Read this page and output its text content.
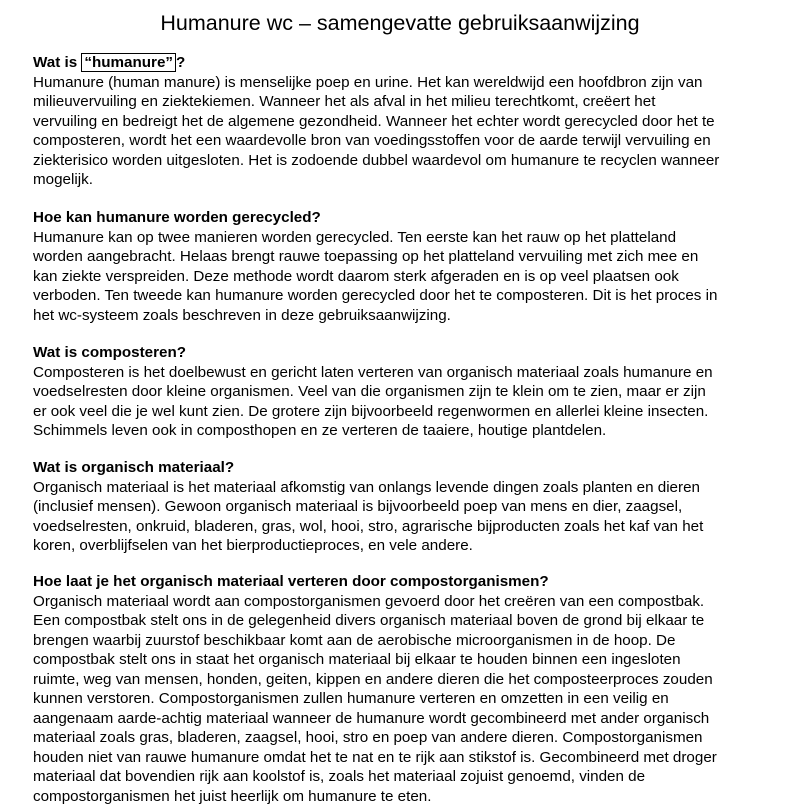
Humanure wc – samengevatte gebruiksaanwijzing
Wat is “humanure” ?
Humanure (human manure) is menselijke poep en urine. Het kan wereldwijd een hoofdbron zijn van
milieuvervuiling en ziektekiemen. Wanneer het als afval in het milieu terechtkomt, creëert het
vervuiling en bedreigt het de algemene gezondheid. Wanneer het echter wordt gerecycled door het te
composteren, wordt het een waardevolle bron van voedingsstoffen voor de aarde terwijl vervuiling en
ziekterisico worden uitgesloten. Het is zodoende dubbel waardevol om humanure te recyclen wanneer
mogelijk.
Hoe kan humanure worden gerecycled?
Humanure kan op twee manieren worden gerecycled. Ten eerste kan het rauw op het platteland
worden aangebracht. Helaas brengt rauwe toepassing op het platteland vervuiling met zich mee en
kan ziekte verspreiden. Deze methode wordt daarom sterk afgeraden en is op veel plaatsen ook
verboden. Ten tweede kan humanure worden gerecycled door het te composteren. Dit is het proces in
het wc-systeem zoals beschreven in deze gebruiksaanwijzing.
Wat is composteren?
Composteren is het doelbewust en gericht laten verteren van organisch materiaal zoals humanure en
voedselresten door kleine organismen. Veel van die organismen zijn te klein om te zien, maar er zijn
er ook veel die je wel kunt zien. De grotere zijn bijvoorbeeld regenwormen en allerlei kleine insecten.
Schimmels leven ook in composthopen en ze verteren de taaiere, houtige plantdelen.
Wat is organisch materiaal?
Organisch materiaal is het materiaal afkomstig van onlangs levende dingen zoals planten en dieren
(inclusief mensen). Gewoon organisch materiaal is bijvoorbeeld poep van mens en dier, zaagsel,
voedselresten, onkruid, bladeren, gras, wol, hooi, stro, agrarische bijproducten zoals het kaf van het
koren, overblijfselen van het bierproductieproces, en vele andere.
Hoe laat je het organisch materiaal verteren door compostorganismen?
Organisch materiaal wordt aan compostorganismen gevoerd door het creëren van een compostbak.
Een compostbak stelt ons in de gelegenheid divers organisch materiaal boven de grond bij elkaar te
brengen waarbij zuurstof beschikbaar komt aan de aerobische microorganismen in de hoop. De
compostbak stelt ons in staat het organisch materiaal bij elkaar te houden binnen een ingesloten
ruimte, weg van mensen, honden, geiten, kippen en andere dieren die het composteerproces zouden
kunnen verstoren. Compostorganismen zullen humanure verteren en omzetten in een veilig en
aangenaam aarde-achtig materiaal wanneer de humanure wordt gecombineerd met ander organisch
materiaal zoals gras, bladeren, zaagsel, hooi, stro en poep van andere dieren. Compostorganismen
houden niet van rauwe humanure omdat het te nat en te rijk aan stikstof is. Gecombineerd met droger
materiaal dat bovendien rijk aan koolstof is, zoals het materiaal zojuist genoemd, vinden de
compostorganismen het juist heerlijk om humanure te eten.
